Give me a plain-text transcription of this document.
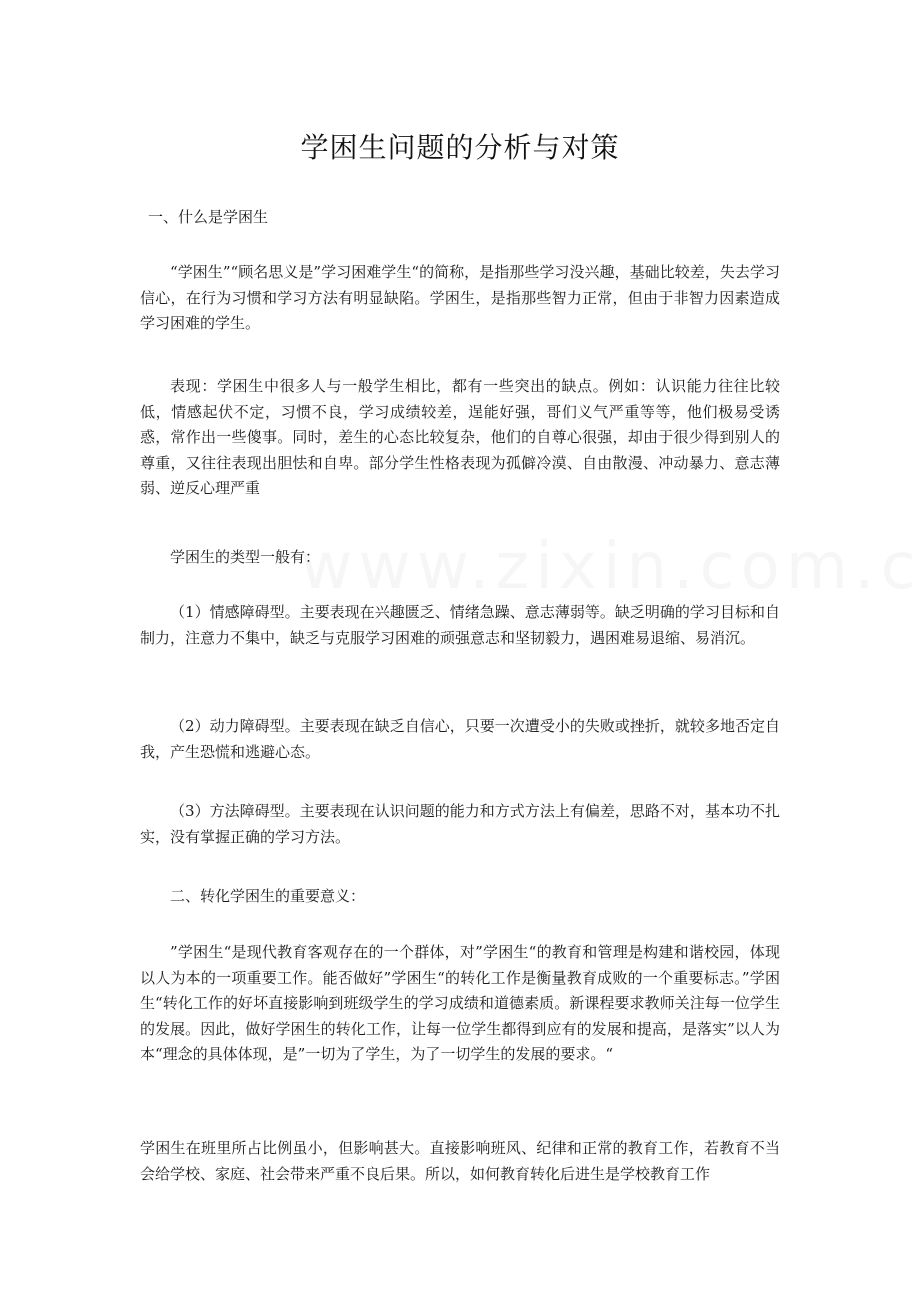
学困生问题的分析与对策

一、什么是学困生

“学困生”“顾名思义是”学习困难学生“的简称，是指那些学习没兴趣，基础比较差，失去学习信心，在行为习惯和学习方法有明显缺陷。学困生，是指那些智力正常，但由于非智力因素造成学习困难的学生。

表现：学困生中很多人与一般学生相比，都有一些突出的缺点。例如：认识能力往往比较低，情感起伏不定，习惯不良，学习成绩较差，逞能好强，哥们义气严重等等，他们极易受诱惑，常作出一些傻事。同时，差生的心态比较复杂，他们的自尊心很强，却由于很少得到别人的尊重，又往往表现出胆怯和自卑。部分学生性格表现为孤僻冷漠、自由散漫、冲动暴力、意志薄弱、逆反心理严重

学困生的类型一般有：

（1）情感障碍型。主要表现在兴趣匮乏、情绪急躁、意志薄弱等。缺乏明确的学习目标和自制力，注意力不集中，缺乏与克服学习困难的顽强意志和坚韧毅力，遇困难易退缩、易消沉。

（2）动力障碍型。主要表现在缺乏自信心，只要一次遭受小的失败或挫折，就较多地否定自我，产生恐慌和逃避心态。

（3）方法障碍型。主要表现在认识问题的能力和方式方法上有偏差，思路不对，基本功不扎实，没有掌握正确的学习方法。

二、转化学困生的重要意义：

”学困生“是现代教育客观存在的一个群体，对”学困生“的教育和管理是构建和谐校园，体现以人为本的一项重要工作。能否做好”学困生“的转化工作是衡量教育成败的一个重要标志。”学困生“转化工作的好坏直接影响到班级学生的学习成绩和道德素质。新课程要求教师关注每一位学生的发展。因此，做好学困生的转化工作，让每一位学生都得到应有的发展和提高，是落实”以人为本“理念的具体体现，是”一切为了学生，为了一切学生的发展的要求。“

学困生在班里所占比例虽小，但影响甚大。直接影响班风、纪律和正常的教育工作，若教育不当会给学校、家庭、社会带来严重不良后果。所以，如何教育转化后进生是学校教育工作
